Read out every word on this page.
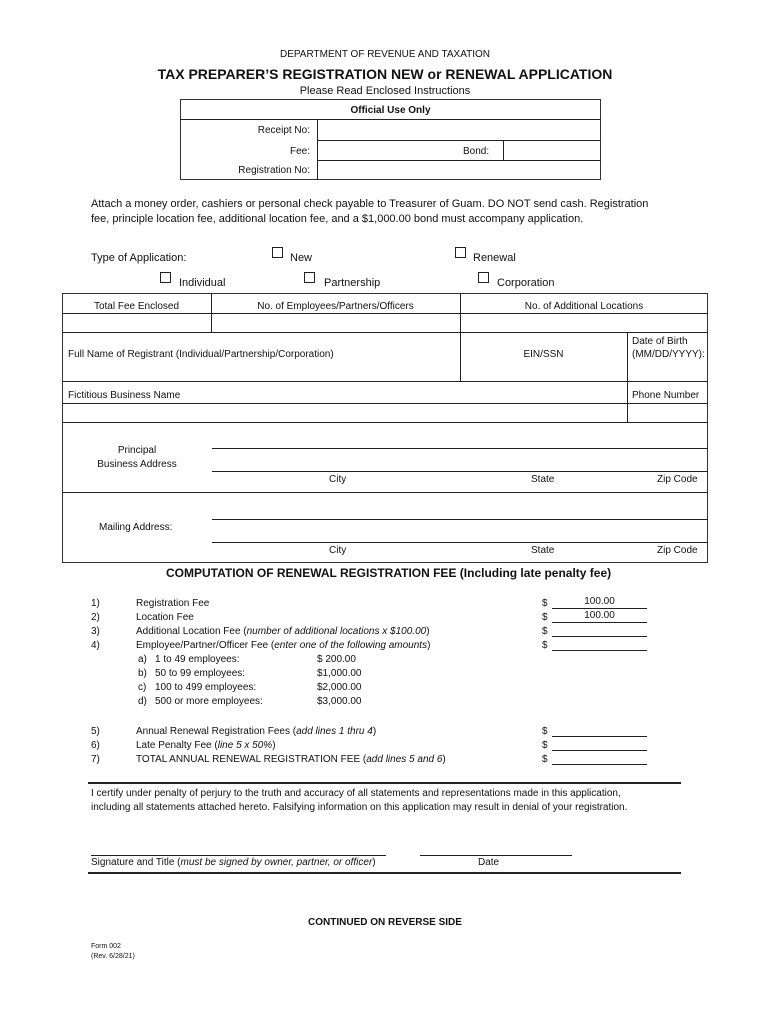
DEPARTMENT OF REVENUE AND TAXATION
TAX PREPARER’S REGISTRATION NEW or RENEWAL APPLICATION
Please Read Enclosed Instructions
Official Use Only
Receipt No:
Fee:	Bond:
Registration No:
Attach a money order, cashiers or personal check payable to Treasurer of Guam. DO NOT send cash. Registration
fee, principle location fee, additional location fee, and a $1,000.00 bond must accompany application.
Type of Application:	New	Renewal
Individual	Partnership	Corporation
Total Fee Enclosed	No. of Employees/Partners/Officers	No. of Additional Locations
Full Name of Registrant (Individual/Partnership/Corporation)	EIN/SSN
Date of Birth
(MM/DD/YYYY):
Fictitious Business Name	Phone Number
Principal
Business Address
City	State	Zip Code
Mailing Address:
City	State	Zip Code
COMPUTATION OF RENEWAL REGISTRATION FEE (Including late penalty fee)
1)	Registration Fee	$	100.00
2)	Location Fee	$	100.00
3)	Additional Location Fee (number of additional locations x $100.00)	$
4)	Employee/Partner/Officer Fee (enter one of the following amounts)	$
a) 1 to 49 employees:	$ 200.00
b) 50 to 99 employees:	$1,000.00
c) 100 to 499 employees:	$2,000.00
d) 500 or more employees:	$3,000.00
5)	Annual Renewal Registration Fees (add lines 1 thru 4)	$
6)	Late Penalty Fee (line 5 x 50%)	$
7)	TOTAL ANNUAL RENEWAL REGISTRATION FEE (add lines 5 and 6)	$
I certify under penalty of perjury to the truth and accuracy of all statements and representations made in this application,
including all statements attached hereto. Falsifying information on this application may result in denial of your registration.
Signature and Title (must be signed by owner, partner, or officer)	Date
CONTINUED ON REVERSE SIDE
Form 002
(Rev. 6/28/21)
